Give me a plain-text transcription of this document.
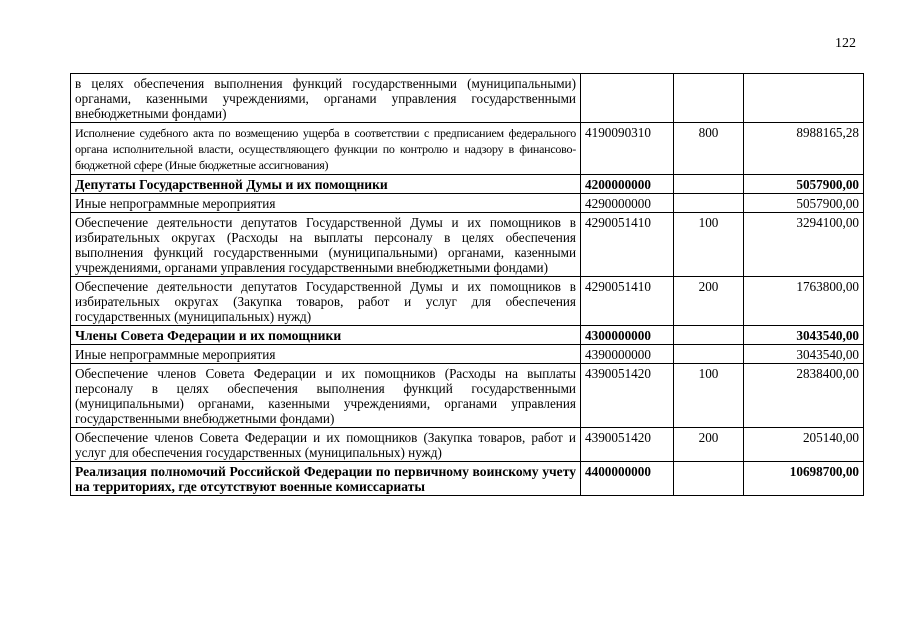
122
в целях обеспечения выполнения функций государственными (муниципальными) органами, казенными учреждениями, органами управления государственными внебюджетными фондами)			
Исполнение судебного акта по возмещению ущерба в соответствии с предписанием федерального органа исполнительной власти, осуществляющего функции по контролю и надзору в финансово-бюджетной сфере (Иные бюджетные ассигнования)	4190090310	800	8988165,28
Депутаты Государственной Думы и их помощники	4200000000		5057900,00
Иные непрограммные мероприятия	4290000000		5057900,00
Обеспечение деятельности депутатов Государственной Думы и их помощников в избирательных округах (Расходы на выплаты персоналу в целях обеспечения выполнения функций государственными (муниципальными) органами, казенными учреждениями, органами управления государственными внебюджетными фондами)	4290051410	100	3294100,00
Обеспечение деятельности депутатов Государственной Думы и их помощников в избирательных округах (Закупка товаров, работ и услуг для обеспечения государственных (муниципальных) нужд)	4290051410	200	1763800,00
Члены Совета Федерации и их помощники	4300000000		3043540,00
Иные непрограммные мероприятия	4390000000		3043540,00
Обеспечение членов Совета Федерации и их помощников (Расходы на выплаты персоналу в целях обеспечения выполнения функций государственными (муниципальными) органами, казенными учреждениями, органами управления государственными внебюджетными фондами)	4390051420	100	2838400,00
Обеспечение членов Совета Федерации и их помощников (Закупка товаров, работ и услуг для обеспечения государственных (муниципальных) нужд)	4390051420	200	205140,00
Реализация полномочий Российской Федерации по первичному воинскому учету на территориях, где отсутствуют военные комиссариаты	4400000000		10698700,00
